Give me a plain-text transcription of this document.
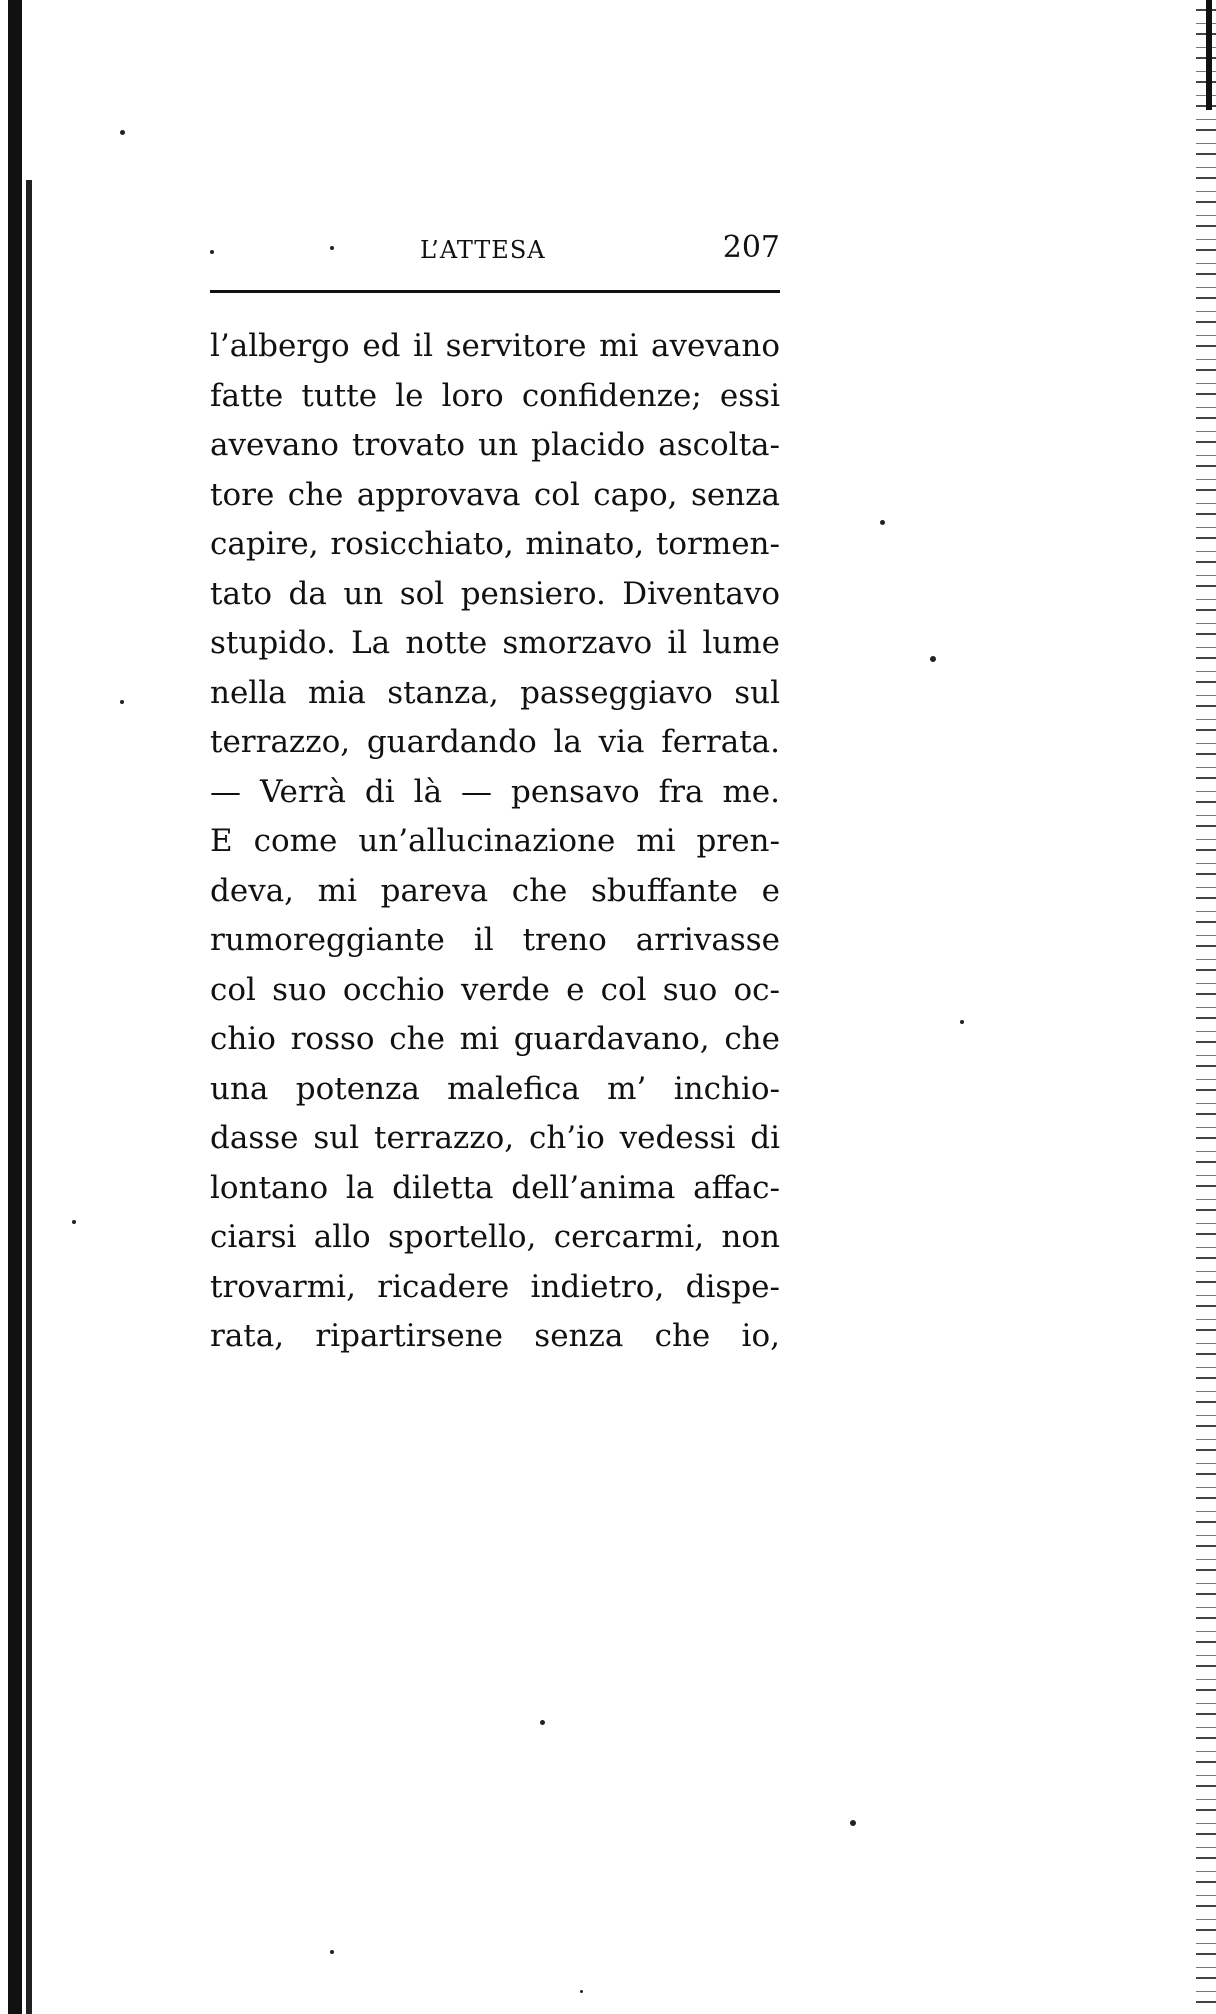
L’ATTESA	207
l’albergo ed il servitore mi avevano
fatte tutte le loro confidenze; essi
avevano trovato un placido ascolta-
tore che approvava col capo, senza
capire, rosicchiato, minato, tormen-
tato da un sol pensiero. Diventavo
stupido. La notte smorzavo il lume
nella mia stanza, passeggiavo sul
terrazzo, guardando la via ferrata.
— Verrà di là — pensavo fra me.
E come un’allucinazione mi pren-
deva, mi pareva che sbuffante e
rumoreggiante il treno arrivasse
col suo occhio verde e col suo oc-
chio rosso che mi guardavano, che
una potenza malefica m’ inchio-
dasse sul terrazzo, ch’io vedessi di
lontano la diletta dell’anima affac-
ciarsi allo sportello, cercarmi, non
trovarmi, ricadere indietro, dispe-
rata, ripartirsene senza che io,
